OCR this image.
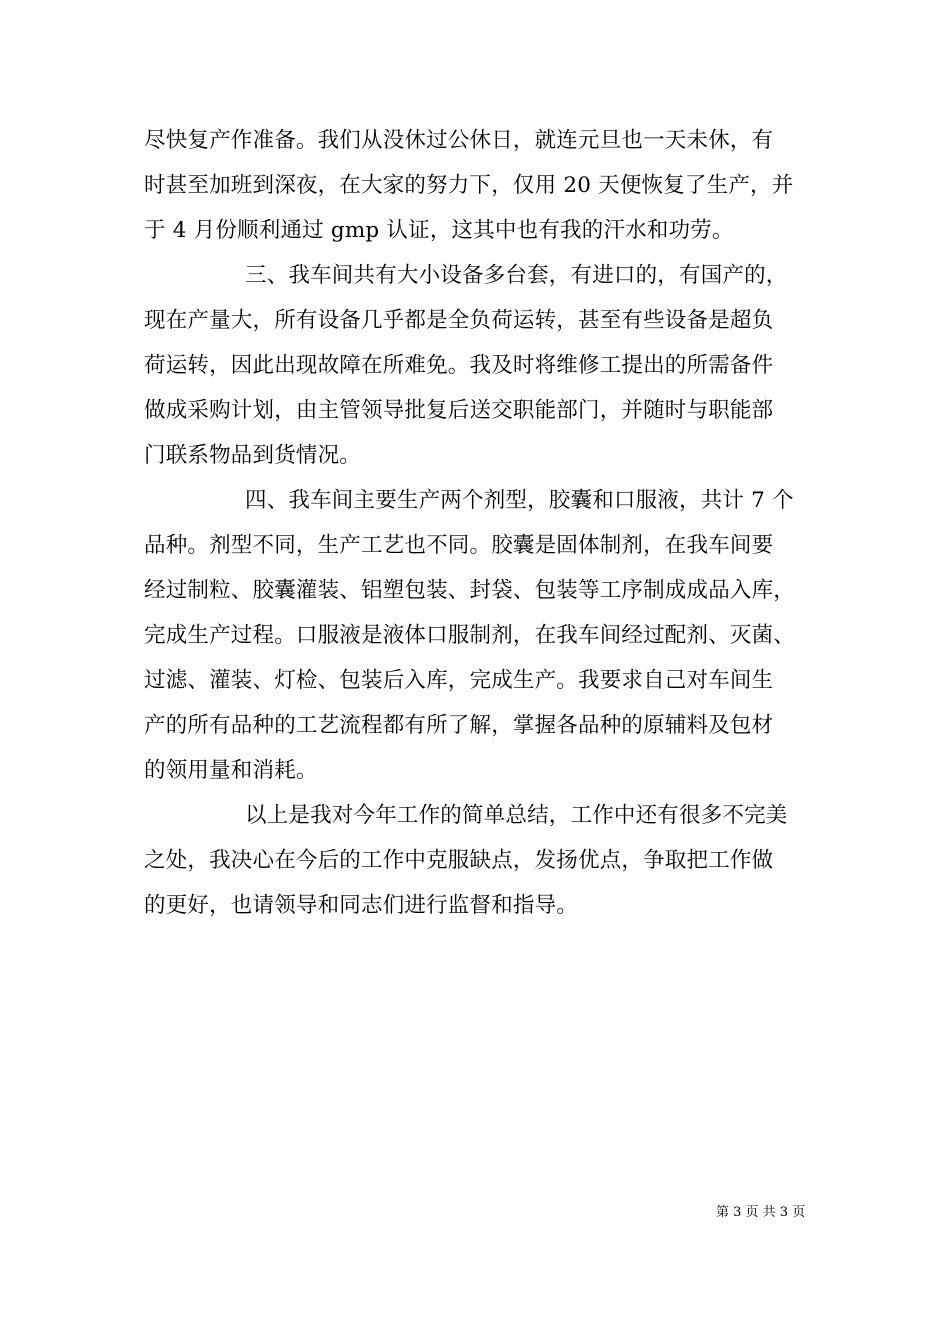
尽快复产作准备。我们从没休过公休日，就连元旦也一天未休，有
时甚至加班到深夜，在大家的努力下，仅用 20 天便恢复了生产，并
于 4 月份顺利通过 gmp 认证，这其中也有我的汗水和功劳。
三、我车间共有大小设备多台套，有进口的，有国产的，
现在产量大，所有设备几乎都是全负荷运转，甚至有些设备是超负
荷运转，因此出现故障在所难免。我及时将维修工提出的所需备件
做成采购计划，由主管领导批复后送交职能部门，并随时与职能部
门联系物品到货情况。
四、我车间主要生产两个剂型，胶囊和口服液，共计 7 个
品种。剂型不同，生产工艺也不同。胶囊是固体制剂，在我车间要
经过制粒、胶囊灌装、铝塑包装、封袋、包装等工序制成成品入库，
完成生产过程。口服液是液体口服制剂，在我车间经过配剂、灭菌、
过滤、灌装、灯检、包装后入库，完成生产。我要求自己对车间生
产的所有品种的工艺流程都有所了解，掌握各品种的原辅料及包材
的领用量和消耗。
以上是我对今年工作的简单总结，工作中还有很多不完美
之处，我决心在今后的工作中克服缺点，发扬优点，争取把工作做
的更好，也请领导和同志们进行监督和指导。
第 3 页 共 3 页
